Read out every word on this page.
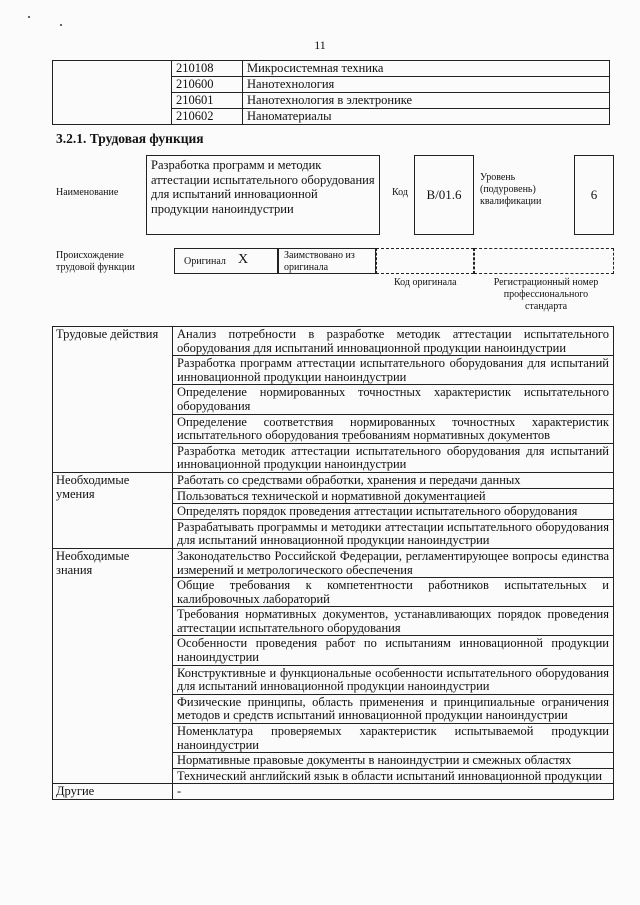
11
	210108	Микросистемная техника
	210600	Нанотехнология
	210601	Нанотехнология в электронике
	210602	Наноматериалы
3.2.1. Трудовая функция
Наименование
Разработка программ и методик аттестации испытательного оборудования для испытаний инновационной продукции наноиндустрии
Код	B/01.6
Уровень (подуровень) квалификации	6
Происхождение трудовой функции
Оригинал X	Заимствовано из оригинала
Код оригинала	Регистрационный номер профессионального стандарта
Трудовые действия	Анализ потребности в разработке методик аттестации испытательного оборудования для испытаний инновационной продукции наноиндустрии
	Разработка программ аттестации испытательного оборудования для испытаний инновационной продукции наноиндустрии
	Определение нормированных точностных характеристик испытательного оборудования
	Определение соответствия нормированных точностных характеристик испытательного оборудования требованиям нормативных документов
	Разработка методик аттестации испытательного оборудования для испытаний инновационной продукции наноиндустрии
Необходимые умения	Работать со средствами обработки, хранения и передачи данных
	Пользоваться технической и нормативной документацией
	Определять порядок проведения аттестации испытательного оборудования
	Разрабатывать программы и методики аттестации испытательного оборудования для испытаний инновационной продукции наноиндустрии
Необходимые знания	Законодательство Российской Федерации, регламентирующее вопросы единства измерений и метрологического обеспечения
	Общие требования к компетентности работников испытательных и калибровочных лабораторий
	Требования нормативных документов, устанавливающих порядок проведения аттестации испытательного оборудования
	Особенности проведения работ по испытаниям инновационной продукции наноиндустрии
	Конструктивные и функциональные особенности испытательного оборудования для испытаний инновационной продукции наноиндустрии
	Физические принципы, область применения и принципиальные ограничения методов и средств испытаний инновационной продукции наноиндустрии
	Номенклатура проверяемых характеристик испытываемой продукции наноиндустрии
	Нормативные правовые документы в наноиндустрии и смежных областях
	Технический английский язык в области испытаний инновационной продукции
Другие	-
